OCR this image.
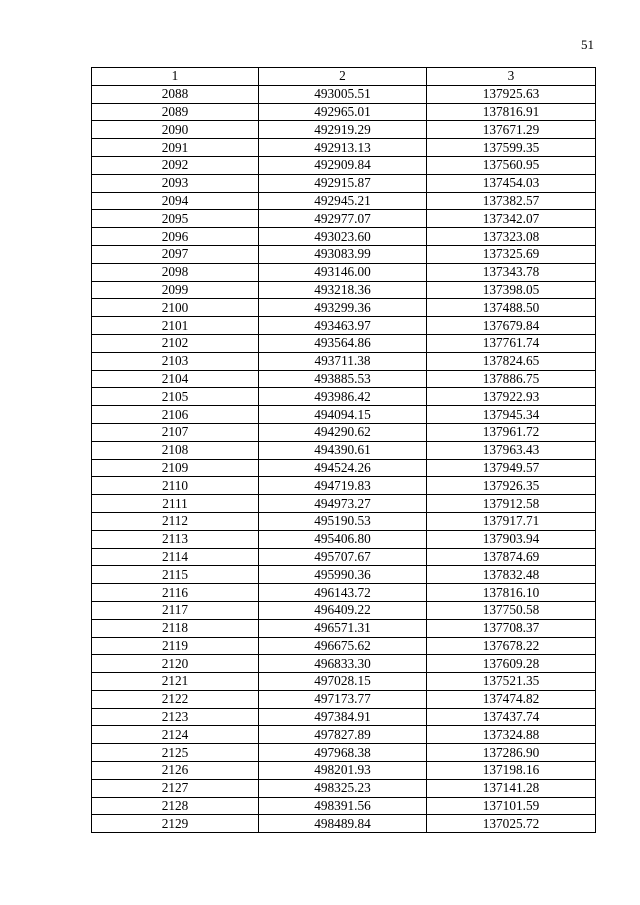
51
1	2	3
2088	493005.51	137925.63
2089	492965.01	137816.91
2090	492919.29	137671.29
2091	492913.13	137599.35
2092	492909.84	137560.95
2093	492915.87	137454.03
2094	492945.21	137382.57
2095	492977.07	137342.07
2096	493023.60	137323.08
2097	493083.99	137325.69
2098	493146.00	137343.78
2099	493218.36	137398.05
2100	493299.36	137488.50
2101	493463.97	137679.84
2102	493564.86	137761.74
2103	493711.38	137824.65
2104	493885.53	137886.75
2105	493986.42	137922.93
2106	494094.15	137945.34
2107	494290.62	137961.72
2108	494390.61	137963.43
2109	494524.26	137949.57
2110	494719.83	137926.35
2111	494973.27	137912.58
2112	495190.53	137917.71
2113	495406.80	137903.94
2114	495707.67	137874.69
2115	495990.36	137832.48
2116	496143.72	137816.10
2117	496409.22	137750.58
2118	496571.31	137708.37
2119	496675.62	137678.22
2120	496833.30	137609.28
2121	497028.15	137521.35
2122	497173.77	137474.82
2123	497384.91	137437.74
2124	497827.89	137324.88
2125	497968.38	137286.90
2126	498201.93	137198.16
2127	498325.23	137141.28
2128	498391.56	137101.59
2129	498489.84	137025.72
